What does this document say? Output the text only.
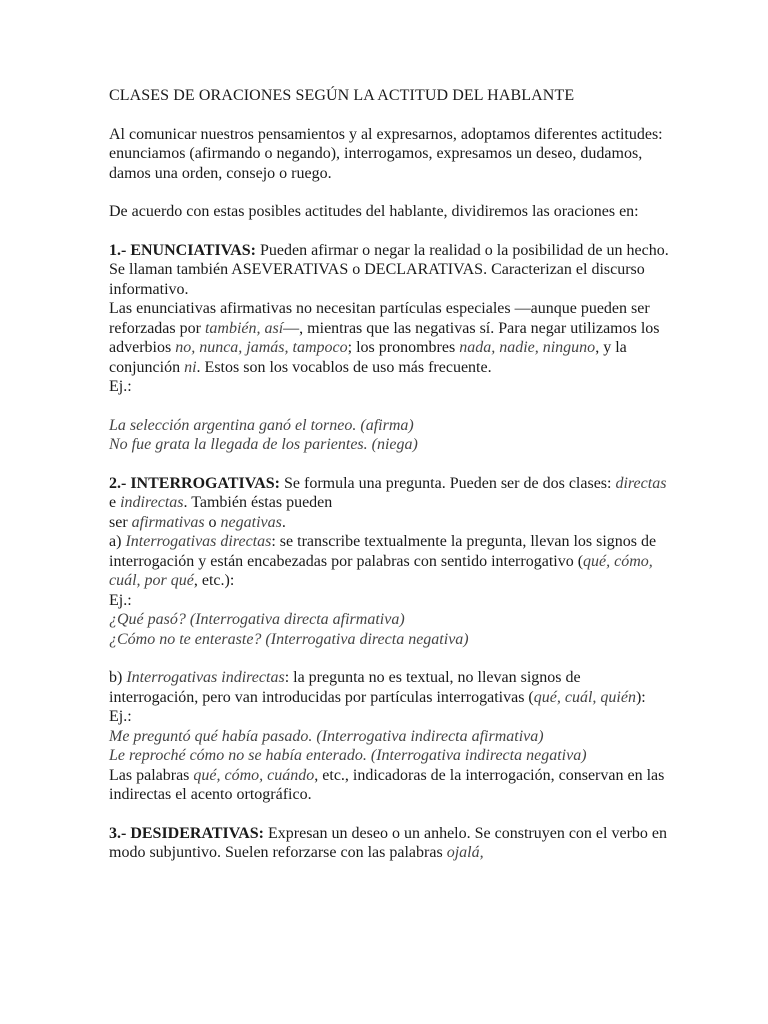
CLASES DE ORACIONES SEGÚN LA ACTITUD DEL HABLANTE

Al comunicar nuestros pensamientos y al expresarnos, adoptamos diferentes actitudes: enunciamos (afirmando o negando), interrogamos, expresamos un deseo, dudamos, damos una orden, consejo o ruego.

De acuerdo con estas posibles actitudes del hablante, dividiremos las oraciones en:

1.- ENUNCIATIVAS: Pueden afirmar o negar la realidad o la posibilidad de un hecho. Se llaman también ASEVERATIVAS o DECLARATIVAS. Caracterizan el discurso informativo.

Las enunciativas afirmativas no necesitan partículas especiales —aunque pueden ser reforzadas por también, así—, mientras que las negativas sí. Para negar utilizamos los adverbios no, nunca, jamás, tampoco; los pronombres nada, nadie, ninguno, y la conjunción ni. Estos son los vocablos de uso más frecuente.

Ej.:

La selección argentina ganó el torneo. (afirma)

No fue grata la llegada de los parientes. (niega)

2.- INTERROGATIVAS: Se formula una pregunta. Pueden ser de dos clases: directas e indirectas. También éstas pueden

ser afirmativas o negativas.

a) Interrogativas directas: se transcribe textualmente la pregunta, llevan los signos de interrogación y están encabezadas por palabras con sentido interrogativo (qué, cómo, cuál, por qué, etc.):

Ej.:

¿Qué pasó? (Interrogativa directa afirmativa)

¿Cómo no te enteraste? (Interrogativa directa negativa)

b) Interrogativas indirectas: la pregunta no es textual, no llevan signos de interrogación, pero van introducidas por partículas interrogativas (qué, cuál, quién):

Ej.:

Me preguntó qué había pasado. (Interrogativa indirecta afirmativa)

Le reproché cómo no se había enterado. (Interrogativa indirecta negativa)

Las palabras qué, cómo, cuándo, etc., indicadoras de la interrogación, conservan en las indirectas el acento ortográfico.

3.- DESIDERATIVAS: Expresan un deseo o un anhelo. Se construyen con el verbo en modo subjuntivo. Suelen reforzarse con las palabras ojalá,
